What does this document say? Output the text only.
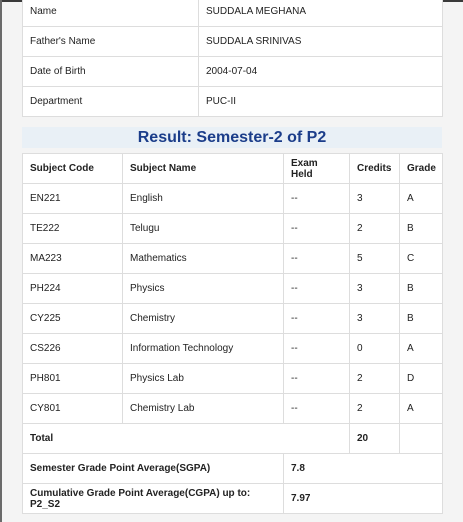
Name	SUDDALA MEGHANA
Father's Name	SUDDALA SRINIVAS
Date of Birth	2004-07-04
Department	PUC-II
Result: Semester-2 of P2
Subject Code	Subject Name	Exam Held	Credits	Grade
EN221	English	--	3	A
TE222	Telugu	--	2	B
MA223	Mathematics	--	5	C
PH224	Physics	--	3	B
CY225	Chemistry	--	3	B
CS226	Information Technology	--	0	A
PH801	Physics Lab	--	2	D
CY801	Chemistry Lab	--	2	A
Total			20	
Semester Grade Point Average(SGPA)		7.8		
Cumulative Grade Point Average(CGPA) up to: P2_S2		7.97		
